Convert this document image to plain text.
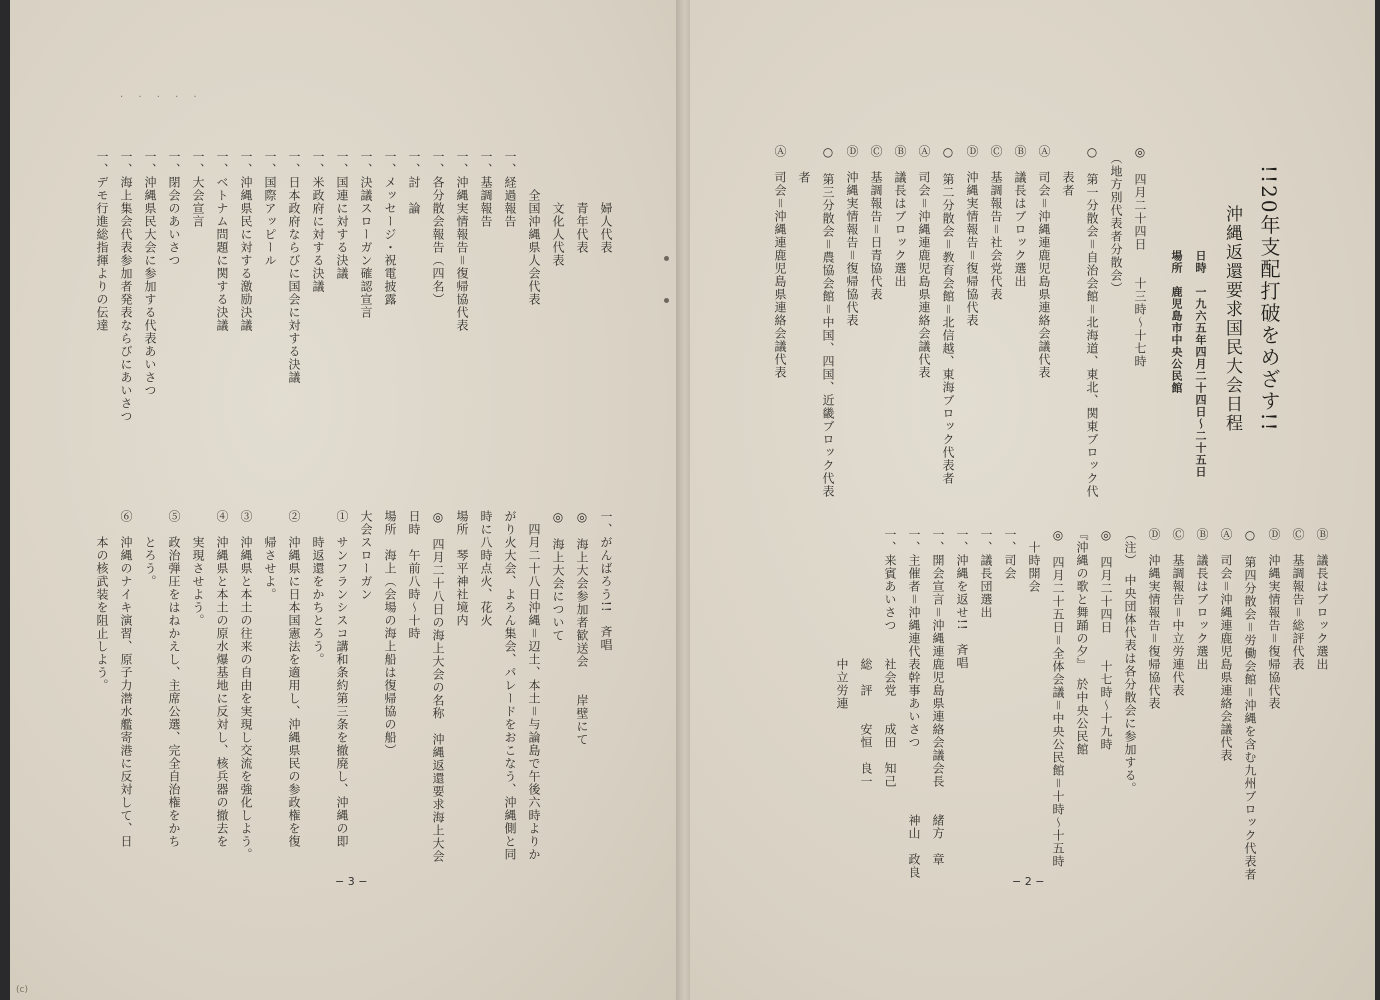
· · · · ·
　　　　婦人代表
　　　　青年代表
　　　　文化人代表
　　　全国沖縄県人会代表
一、経過報告
一、基調報告
一、沖縄実情報告＝復帰協代表
一、各分散会報告（四名）
一、討　論
一、メッセージ・祝電披露
一、決議スローガン確認宣言
一、国連に対する決議
一、米政府に対する決議
一、日本政府ならびに国会に対する決議
一、国際アッピール
一、沖縄県民に対する激励決議
一、ベトナム問題に関する決議
一、大会宣言
一、閉会のあいさつ
一、沖縄県民大会に参加する代表あいさつ
一、海上集会代表参加者発表ならびにあいさつ
一、デモ行進総指揮よりの伝達
一、がんばろう!!　斉唱
◎　海上大会参加者歓送会　　岸壁にて
◎　海上大会について
　四月二十八日沖縄＝辺土、本土＝与論島で午後六時よりか
がり火大会、よろん集会、パレードをおこなう、沖縄側と同
時に八時点火、花火
場所　琴平神社境内
◎　四月二十八日の海上大会の名称　沖縄返還要求海上大会
日時　午前八時〜十時
場所　海上（会場の海上船は復帰協の船）
大会スローガン
①　サンフランシスコ講和条約第三条を撤廃し、沖縄の即
　　時返還をかちとろう。
②　沖縄県に日本国憲法を適用し、沖縄県民の参政権を復
　　帰させよ。
③　沖縄県と本土の往来の自由を実現し交流を強化しよう。
④　沖縄県と本土の原水爆基地に反対し、核兵器の撤去を
　　実現させよう。
⑤　政治弾圧をはねかえし、主席公選、完全自治権をかち
　　とろう。
⑥　沖縄のナイキ演習、原子力潜水艦寄港に反対して、日
　　本の核武装を阻止しよう。
− 3 −
(c)
!!20年支配打破をめざす!!
沖縄返還要求国民大会日程
日時　一九六五年四月二十四日〜二十五日
場所　鹿児島市中央公民館
◎　四月二十四日　　十三時〜十七時
　（地方別代表者分散会）
○　第一分散会＝自治会館＝北海道、東北、関東ブロック代
　　表者
Ⓐ　司会＝沖縄連鹿児島県連絡会議代表
Ⓑ　議長はブロック選出
Ⓒ　基調報告＝社会党代表
Ⓓ　沖縄実情報告＝復帰協代表
○　第二分散会＝教育会館＝北信越、東海ブロック代表者
Ⓐ　司会＝沖縄連鹿児島県連絡会議代表
Ⓑ　議長はブロック選出
Ⓒ　基調報告＝日青協代表
Ⓓ　沖縄実情報告＝復帰協代表
○　第三分散会＝農協会館＝中国、四国、近畿ブロック代表
　　者
Ⓐ　司会＝沖縄連鹿児島県連絡会議代表
Ⓑ　議長はブロック選出
Ⓒ　基調報告＝総評代表
Ⓓ　沖縄実情報告＝復帰協代表
○　第四分散会＝労働会館＝沖縄を含む九州ブロック代表者
Ⓐ　司会＝沖縄連鹿児島県連絡会議代表
Ⓑ　議長はブロック選出
Ⓒ　基調報告＝中立労連代表
Ⓓ　沖縄実情報告＝復帰協代表
（注）　中央団体代表は各分散会に参加する。
◎　四月二十四日　　十七時〜十九時
『沖縄の歌と舞踊の夕』　於中央公民館
◎　四月二十五日＝全体会議＝中央公民館＝十時〜十五時
　十時開会
一、司会
一、議長団選出
一、沖縄を返せ!!　斉唱
一、開会宣言＝沖縄連鹿児島県連絡会議会長　　緒方　章
一、主催者＝沖縄連代表幹事あいさつ　　　　　神山　政良
一、来賓あいさつ　　社会党　　成田　知己
　　　　　　　　　　総　評　　安恒　良一
　　　　　　　　　　中立労連
− 2 −
